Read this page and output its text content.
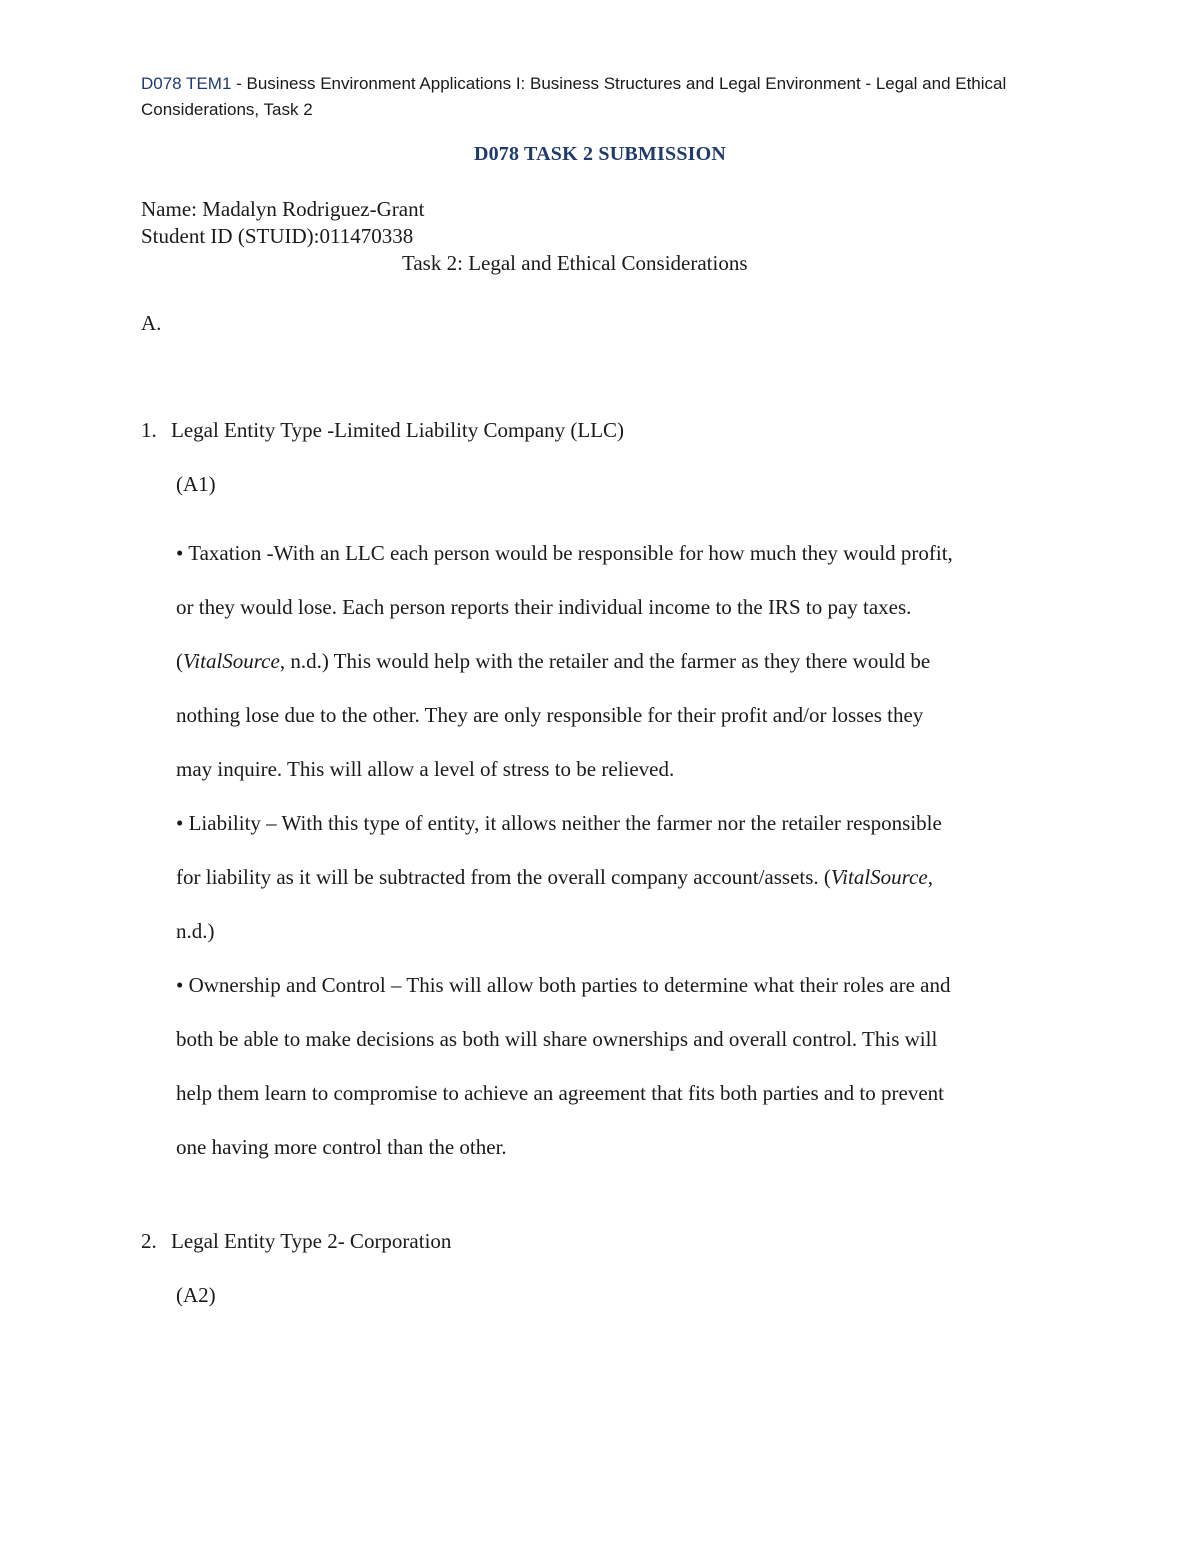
D078 TEM1 - Business Environment Applications I: Business Structures and Legal Environment - Legal and Ethical
Considerations, Task 2
D078 TASK 2 SUBMISSION
Name: Madalyn Rodriguez-Grant
Student ID (STUID):011470338
Task 2: Legal and Ethical Considerations
A.
1. Legal Entity Type -Limited Liability Company (LLC)
(A1)
• Taxation -With an LLC each person would be responsible for how much they would profit,
or they would lose. Each person reports their individual income to the IRS to pay taxes.
(VitalSource, n.d.) This would help with the retailer and the farmer as they there would be
nothing lose due to the other. They are only responsible for their profit and/or losses they
may inquire. This will allow a level of stress to be relieved.
• Liability – With this type of entity, it allows neither the farmer nor the retailer responsible
for liability as it will be subtracted from the overall company account/assets. (VitalSource,
n.d.)
• Ownership and Control – This will allow both parties to determine what their roles are and
both be able to make decisions as both will share ownerships and overall control. This will
help them learn to compromise to achieve an agreement that fits both parties and to prevent
one having more control than the other.
2. Legal Entity Type 2- Corporation
(A2)
